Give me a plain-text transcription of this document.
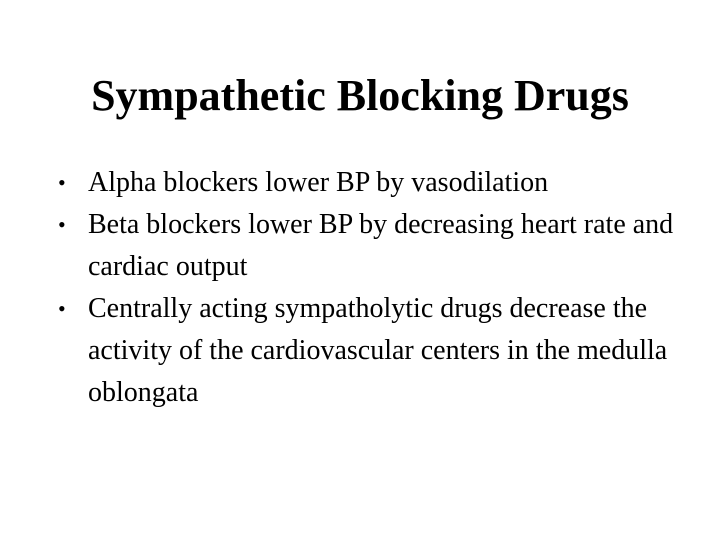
Sympathetic Blocking Drugs
• Alpha blockers lower BP by vasodilation
• Beta blockers lower BP by decreasing heart rate and cardiac output
• Centrally acting sympatholytic drugs decrease the activity of the cardiovascular centers in the medulla oblongata
